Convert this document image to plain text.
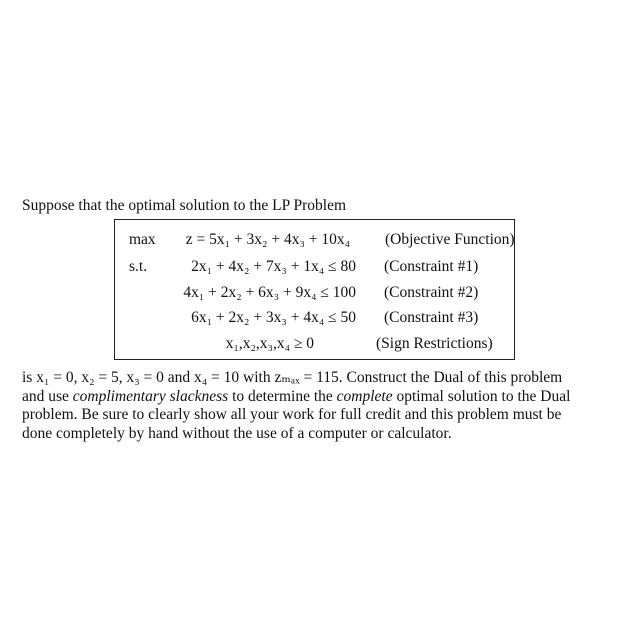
Suppose that the optimal solution to the LP Problem
max z = 5x₁ + 3x₂ + 4x₃ + 10x₄ (Objective Function)
s.t.	2x₁ + 4x₂ + 7x₃ + 1x₄ ≤ 80 (Constraint #1)
4x₁ + 2x₂ + 6x₃ + 9x₄ ≤ 100 (Constraint #2)
6x₁ + 2x₂ + 3x₃ + 4x₄ ≤ 50 (Constraint #3)
x₁,x₂,x₃,x₄ ≥ 0	(Sign Restrictions)
is x₁ = 0, x₂ = 5, x₃ = 0 and x₄ = 10 with zₘₐₓ = 115. Construct the Dual of this problem
and use complimentary slackness to determine the complete optimal solution to the Dual
problem. Be sure to clearly show all your work for full credit and this problem must be
done completely by hand without the use of a computer or calculator.
